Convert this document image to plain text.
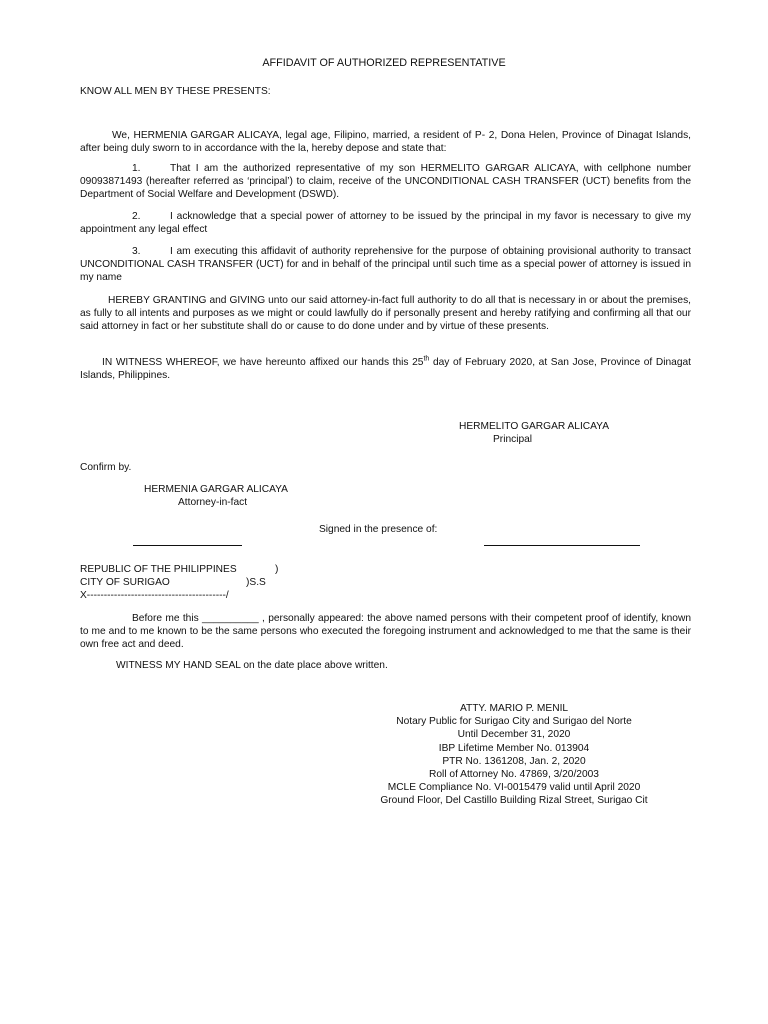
AFFIDAVIT OF AUTHORIZED REPRESENTATIVE
KNOW ALL MEN BY THESE PRESENTS:
We, HERMENIA GARGAR ALICAYA, legal age, Filipino, married, a resident of P- 2, Dona Helen, Province of Dinagat Islands, after being duly sworn to in accordance with the la, hereby depose and state that:
1.	That I am the authorized representative of my son HERMELITO GARGAR ALICAYA, with cellphone number 09093871493 (hereafter referred as ‘principal’) to claim, receive of the UNCONDITIONAL CASH TRANSFER (UCT) benefits from the Department of Social Welfare and Development (DSWD).
2.	I acknowledge that a special power of attorney to be issued by the principal in my favor is necessary to give my appointment any legal effect
3.	I am executing this affidavit of authority reprehensive for the purpose of obtaining provisional authority to transact UNCONDITIONAL CASH TRANSFER (UCT) for and in behalf of the principal until such time as a special power of attorney is issued in my name
HEREBY GRANTING and GIVING unto our said attorney-in-fact full authority to do all that is necessary in or about the premises, as fully to all intents and purposes as we might or could lawfully do if personally present and hereby ratifying and confirming all that our said attorney in fact or her substitute shall do or cause to do done under and by virtue of these presents.
IN WITNESS WHEREOF, we have hereunto affixed our hands this 25th day of February 2020, at San Jose, Province of Dinagat Islands, Philippines.
HERMELITO GARGAR ALICAYA
Principal
Confirm by.
HERMENIA GARGAR ALICAYA
Attorney-in-fact
Signed in the presence of:
REPUBLIC OF THE PHILIPPINES	)
CITY OF SURIGAO	)S.S
X-----------------------------------------/
Before me this __________ , personally appeared: the above named persons with their competent proof of identify, known to me and to me known to be the same persons who executed the foregoing instrument and acknowledged to me that the same is their own free act and deed.
WITNESS MY HAND SEAL on the date place above written.
ATTY. MARIO P. MENIL
Notary Public for Surigao City and Surigao del Norte
Until December 31, 2020
IBP Lifetime Member No. 013904
PTR No. 1361208, Jan. 2, 2020
Roll of Attorney No. 47869, 3/20/2003
MCLE Compliance No. VI-0015479 valid until April 2020
Ground Floor, Del Castillo Building Rizal Street, Surigao Cit
